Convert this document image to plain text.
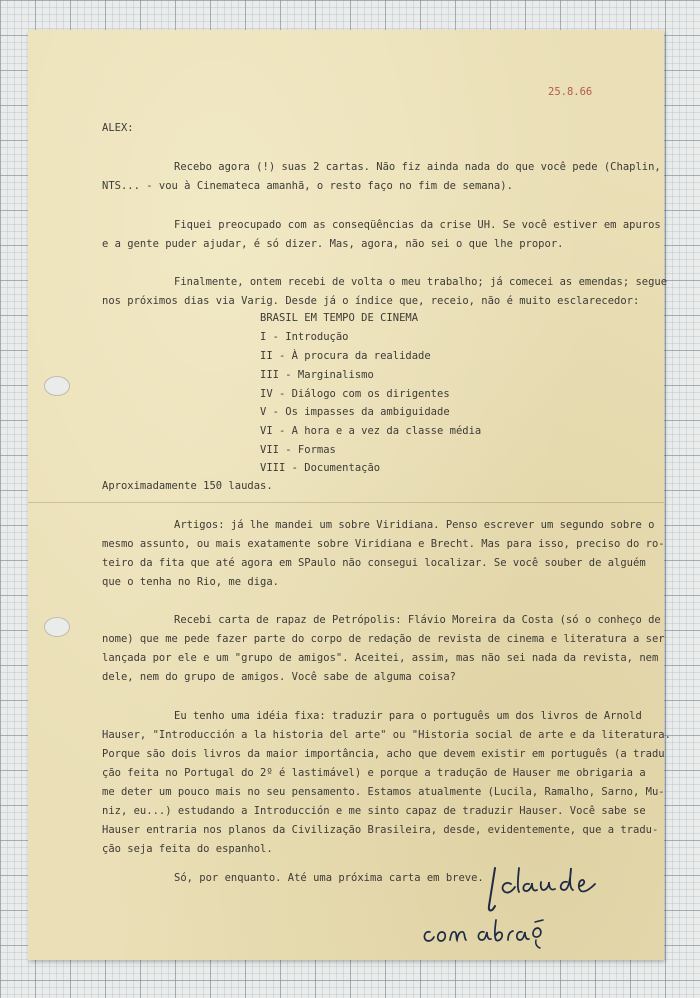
25.8.66

ALEX:

Recebo agora (!) suas 2 cartas. Não fiz ainda nada do que você pede (Chaplin,

NTS... - vou à Cinemateca amanhã, o resto faço no fim de semana).

Fiquei preocupado com as conseqüências da crise UH. Se você estiver em apuros

e a gente puder ajudar, é só dizer. Mas, agora, não sei o que lhe propor.

Finalmente, ontem recebi de volta o meu trabalho; já comecei as emendas; segue

nos próximos dias via Varig. Desde já o índice que, receio, não é muito esclarecedor:

BRASIL EM TEMPO DE CINEMA

I - Introdução

II - À procura da realidade

III - Marginalismo

IV - Diálogo com os dirigentes

V - Os impasses da ambiguidade

VI - A hora e a vez da classe média

VII - Formas

VIII - Documentação

Aproximadamente 150 laudas.

Artigos: já lhe mandei um sobre Viridiana. Penso escrever um segundo sobre o

mesmo assunto, ou mais exatamente sobre Viridiana e Brecht. Mas para isso, preciso do ro-

teiro da fita que até agora em SPaulo não consegui localizar. Se você souber de alguém

que o tenha no Rio, me diga.

Recebi carta de rapaz de Petrópolis: Flávio Moreira da Costa (só o conheço de

nome) que me pede fazer parte do corpo de redação de revista de cinema e literatura a ser

lançada por ele e um "grupo de amigos". Aceitei, assim, mas não sei nada da revista, nem

dele, nem do grupo de amigos. Você sabe de alguma coisa?

Eu tenho uma idéia fixa: traduzir para o português um dos livros de Arnold

Hauser, "Introducción a la historia del arte" ou "Historia social de arte e da literatura.

Porque são dois livros da maior importância, acho que devem existir em português (a tradu

ção feita no Portugal do 2º é lastimável) e porque a tradução de Hauser me obrigaria a

me deter um pouco mais no seu pensamento. Estamos atualmente (Lucila, Ramalho, Sarno, Mu-

niz, eu...) estudando a Introducción e me sinto capaz de traduzir Hauser. Você sabe se

Hauser entraria nos planos da Civilização Brasileira, desde, evidentemente, que a tradu-

ção seja feita do espanhol.

Só, por enquanto. Até uma próxima carta em breve.
